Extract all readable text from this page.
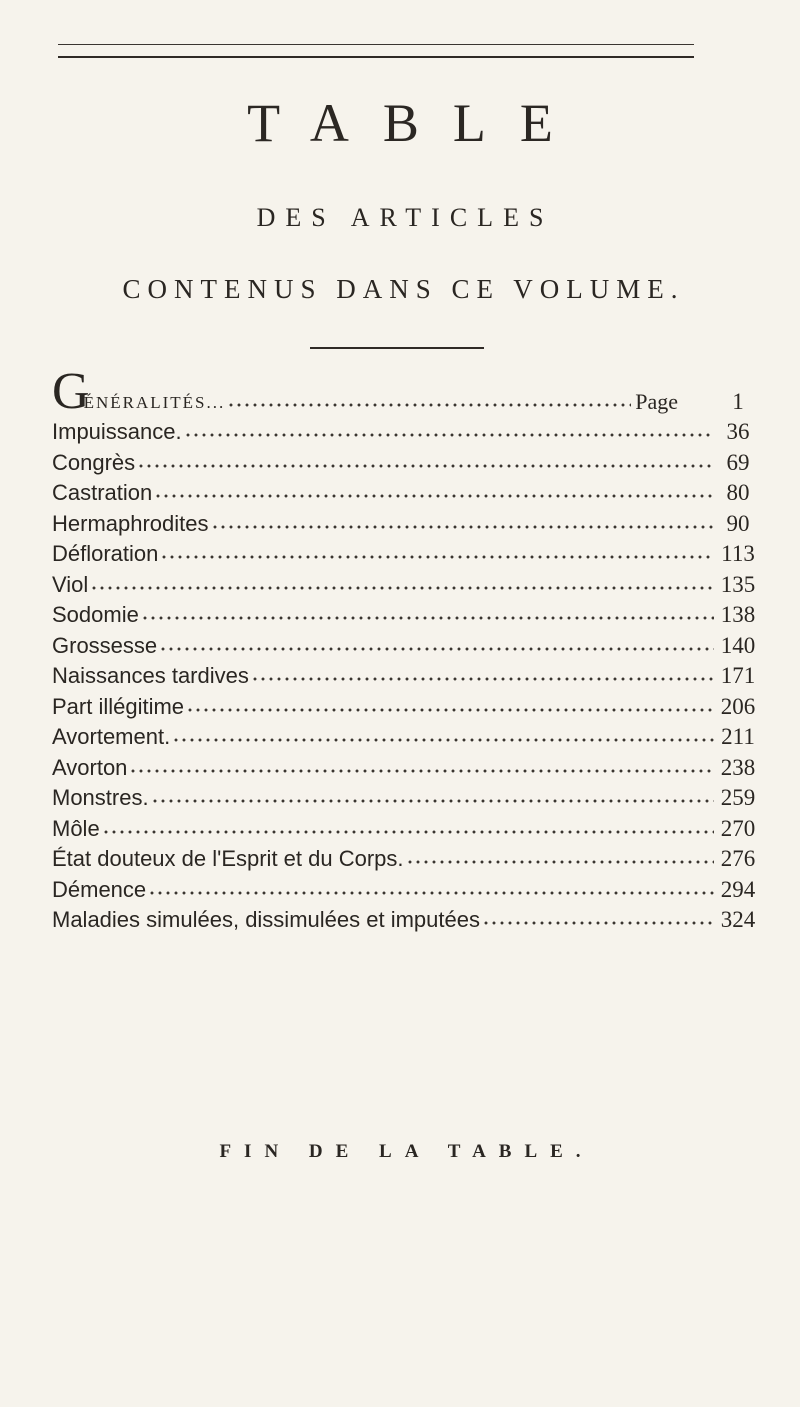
TABLE
DES ARTICLES
CONTENUS DANS CE VOLUME.
GÉNÉRALITÉS...	Page	1
Impuissance.	36
Congrès	69
Castration	80
Hermaphrodites	90
Défloration	113
Viol	135
Sodomie	138
Grossesse	140
Naissances tardives	171
Part illégitime	206
Avortement.	211
Avorton	238
Monstres.	259
Môle	270
État douteux de l'Esprit et du Corps.	276
Démence	294
Maladies simulées, dissimulées et imputées	324
FIN DE LA TABLE.
